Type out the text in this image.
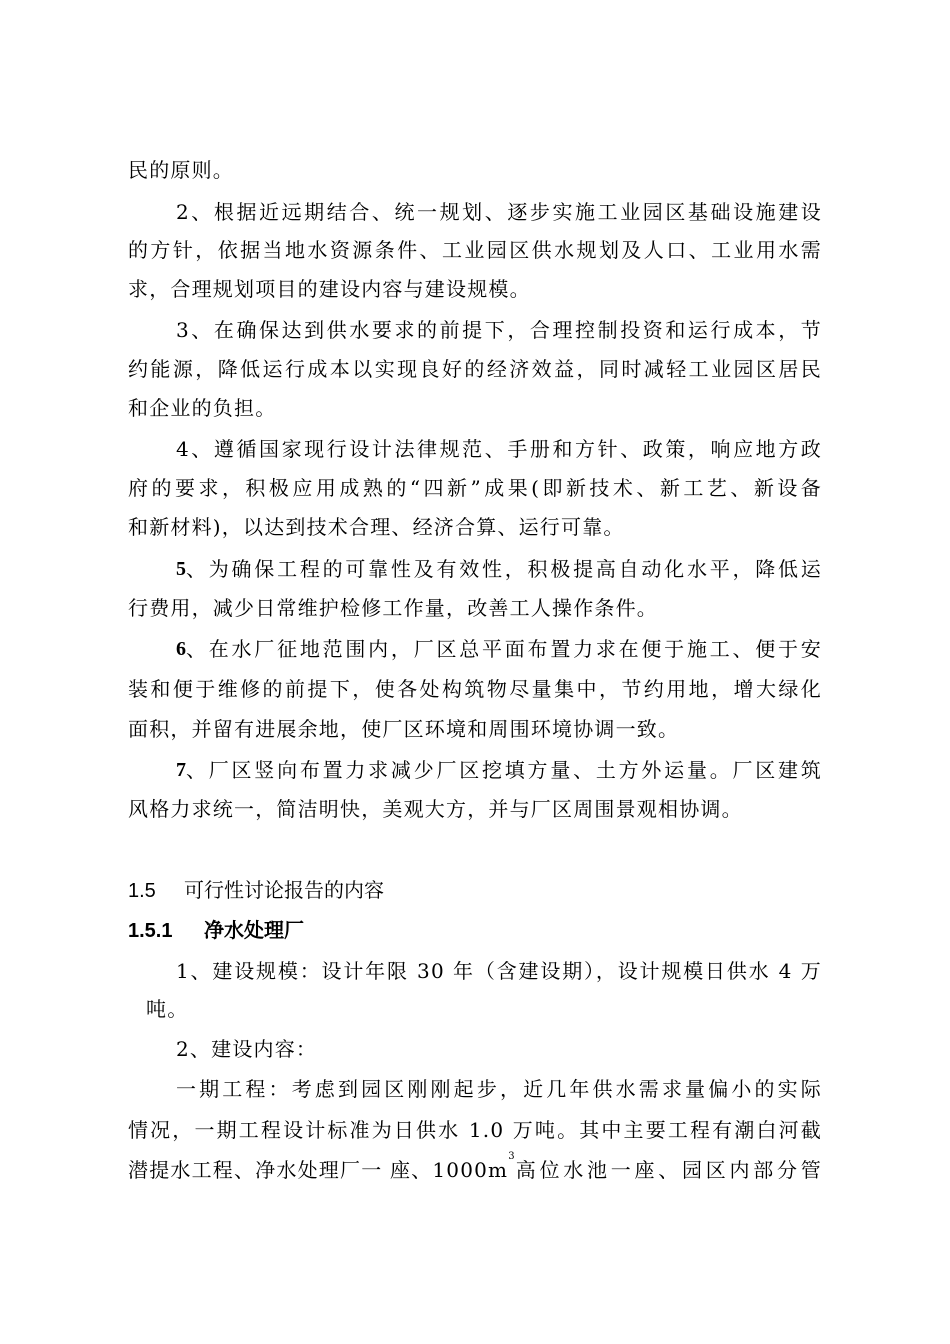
民的原则。
2、根据近远期结合、统一规划、逐步实施工业园区基础设施建设
的方针，依据当地水资源条件、工业园区供水规划及人口、工业用水需
求，合理规划项目的建设内容与建设规模。
3、在确保达到供水要求的前提下，合理控制投资和运行成本，节
约能源，降低运行成本以实现良好的经济效益，同时减轻工业园区居民
和企业的负担。
4、遵循国家现行设计法律规范、手册和方针、政策，响应地方政
府的要求，积极应用成熟的“四新”成果(即新技术、新工艺、新设备
和新材料)，以达到技术合理、经济合算、运行可靠。
5 、为确保工程的可靠性及有效性，积极提高自动化水平，降低运
行费用，减少日常维护检修工作量，改善工人操作条件。
6 、在水厂征地范围内，厂区总平面布置力求在便于施工、便于安
装和便于维修的前提下，使各处构筑物尽量集中，节约用地，增大绿化
面积，并留有进展余地，使厂区环境和周围环境协调一致。
7 、厂区竖向布置力求减少厂区挖填方量、土方外运量。厂区建筑
风格力求统一，简洁明快，美观大方，并与厂区周围景观相协调。
1.5 可行性讨论报告的内容
1.5.1 净水处理厂
1、建设规模：设计年限 30 年（含建设期），设计规模日供水 4 万
吨。
2、建设内容：
一期工程：考虑到园区刚刚起步，近几年供水需求量偏小的实际
情况，一期工程设计标准为日供水 1.0 万吨。其中主要工程有潮白河截
潜提水工程、净水处理厂一 座、1000m
3
高位水池一座、园区内部分管
